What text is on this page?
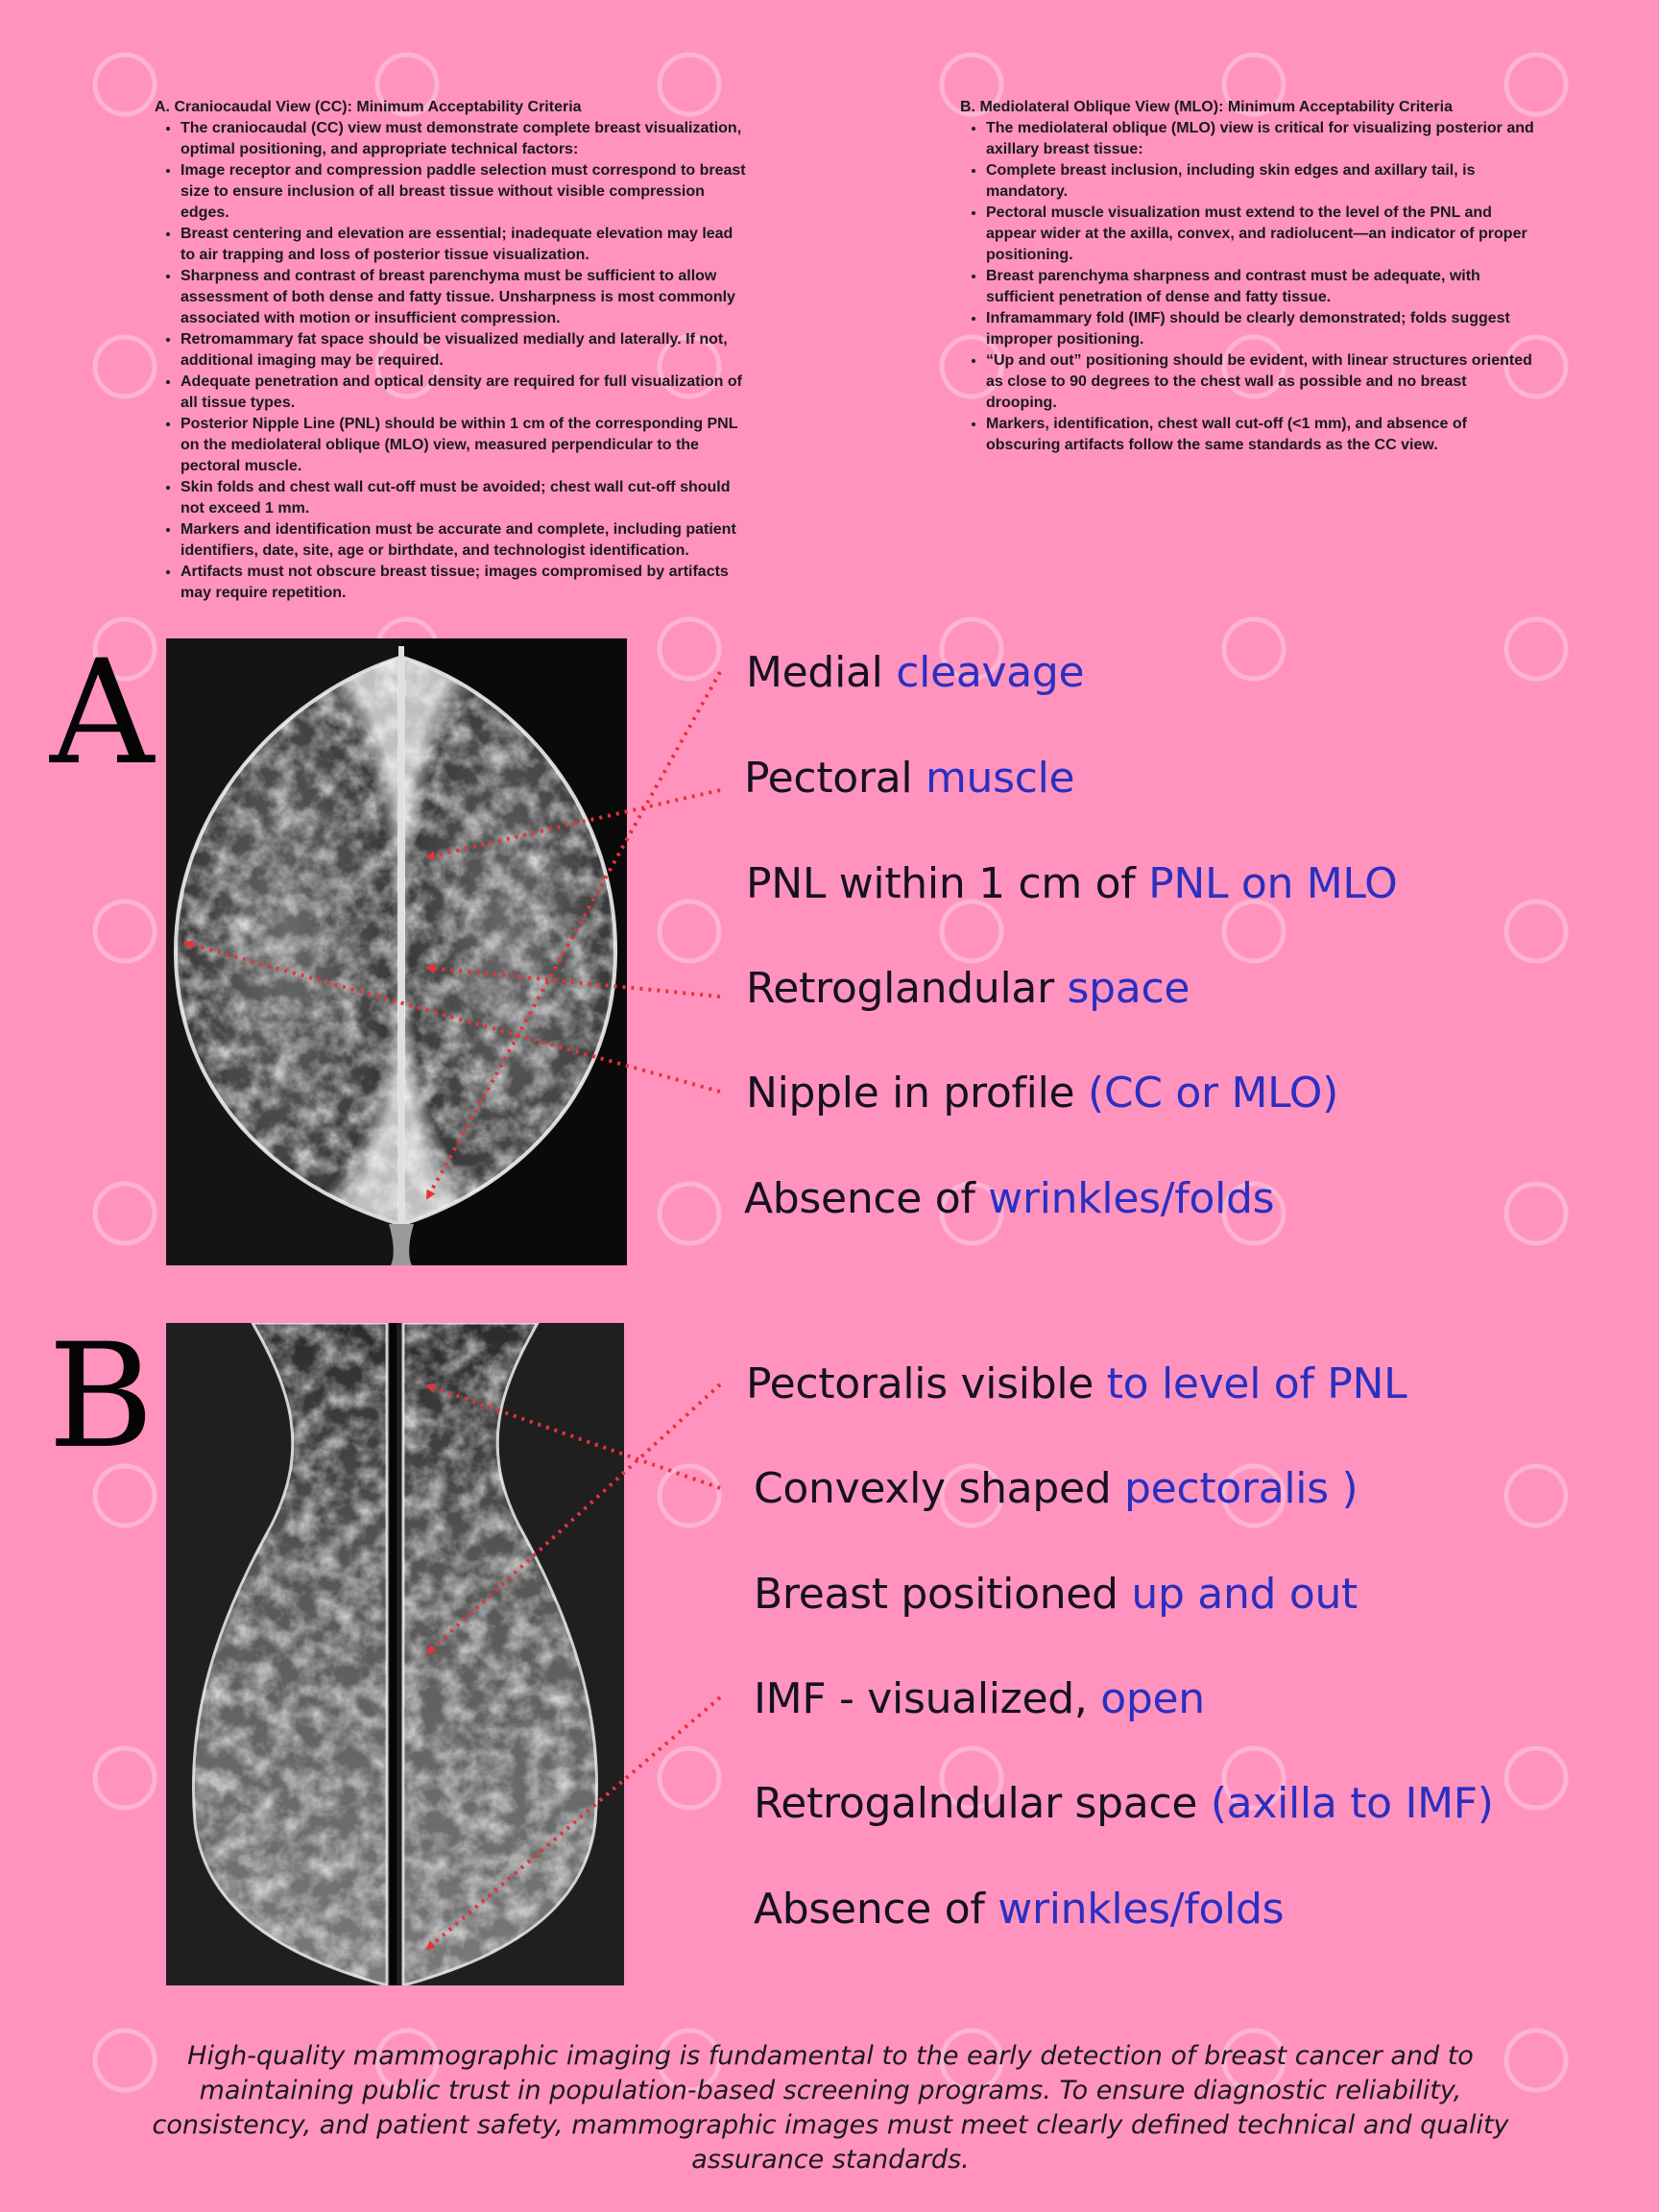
A. Craniocaudal View (CC): Minimum Acceptability Criteria
• The craniocaudal (CC) view must demonstrate complete breast visualization, optimal positioning, and appropriate technical factors:
• Image receptor and compression paddle selection must correspond to breast size to ensure inclusion of all breast tissue without visible compression edges.
• Breast centering and elevation are essential; inadequate elevation may lead to air trapping and loss of posterior tissue visualization.
• Sharpness and contrast of breast parenchyma must be sufficient to allow assessment of both dense and fatty tissue. Unsharpness is most commonly associated with motion or insufficient compression.
• Retromammary fat space should be visualized medially and laterally. If not, additional imaging may be required.
• Adequate penetration and optical density are required for full visualization of all tissue types.
• Posterior Nipple Line (PNL) should be within 1 cm of the corresponding PNL on the mediolateral oblique (MLO) view, measured perpendicular to the pectoral muscle.
• Skin folds and chest wall cut-off must be avoided; chest wall cut-off should not exceed 1 mm.
• Markers and identification must be accurate and complete, including patient identifiers, date, site, age or birthdate, and technologist identification.
• Artifacts must not obscure breast tissue; images compromised by artifacts may require repetition.
B. Mediolateral Oblique View (MLO): Minimum Acceptability Criteria
• The mediolateral oblique (MLO) view is critical for visualizing posterior and axillary breast tissue:
• Complete breast inclusion, including skin edges and axillary tail, is mandatory.
• Pectoral muscle visualization must extend to the level of the PNL and appear wider at the axilla, convex, and radiolucent—an indicator of proper positioning.
• Breast parenchyma sharpness and contrast must be adequate, with sufficient penetration of dense and fatty tissue.
• Inframammary fold (IMF) should be clearly demonstrated; folds suggest improper positioning.
• “Up and out” positioning should be evident, with linear structures oriented as close to 90 degrees to the chest wall as possible and no breast drooping.
• Markers, identification, chest wall cut-off (<1 mm), and absence of obscuring artifacts follow the same standards as the CC view.
A
B
Medial cleavage
Pectoral muscle
PNL within 1 cm of PNL on MLO
Retroglandular space
Nipple in profile (CC or MLO)
Absence of wrinkles/folds
Pectoralis visible to level of PNL
Convexly shaped pectoralis )
Breast positioned up and out
IMF - visualized, open
Retrogalndular space (axilla to IMF)
Absence of wrinkles/folds

High-quality mammographic imaging is fundamental to the early detection of breast cancer and to maintaining public trust in population-based screening programs. To ensure diagnostic reliability, consistency, and patient safety, mammographic images must meet clearly defined technical and quality assurance standards.
